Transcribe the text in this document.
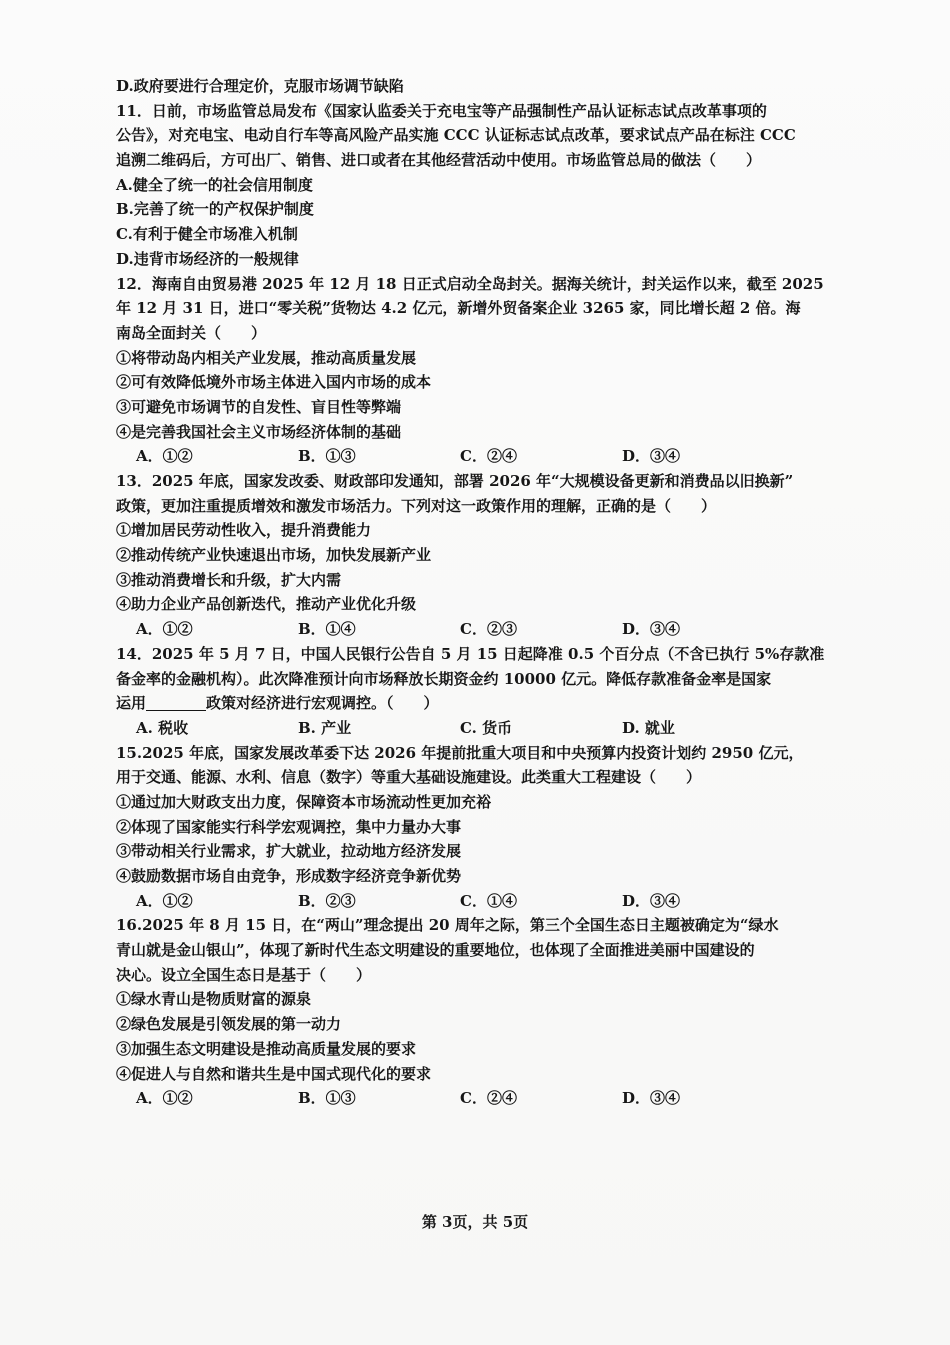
D.政府要进行合理定价，克服市场调节缺陷
11．日前，市场监管总局发布《国家认监委关于充电宝等产品强制性产品认证标志试点改革事项的
公告》，对充电宝、电动自行车等高风险产品实施 CCC 认证标志试点改革，要求试点产品在标注 CCC
追溯二维码后，方可出厂、销售、进口或者在其他经营活动中使用。市场监管总局的做法（　　）
A.健全了统一的社会信用制度
B.完善了统一的产权保护制度
C.有利于健全市场准入机制
D.违背市场经济的一般规律
12．海南自由贸易港 2025 年 12 月 18 日正式启动全岛封关。据海关统计，封关运作以来，截至 2025
年 12 月 31 日，进口“零关税”货物达 4.2 亿元，新增外贸备案企业 3265 家，同比增长超 2 倍。海
南岛全面封关（　　）
①将带动岛内相关产业发展，推动高质量发展
②可有效降低境外市场主体进入国内市场的成本
③可避免市场调节的自发性、盲目性等弊端
④是完善我国社会主义市场经济体制的基础
A．①②	B．①③	C．②④	D．③④
13．2025 年底，国家发改委、财政部印发通知，部署 2026 年“大规模设备更新和消费品以旧换新”
政策，更加注重提质增效和激发市场活力。下列对这一政策作用的理解，正确的是（　　）
①增加居民劳动性收入，提升消费能力
②推动传统产业快速退出市场，加快发展新产业
③推动消费增长和升级，扩大内需
④助力企业产品创新迭代，推动产业优化升级
A．①②	B．①④	C．②③	D．③④
14．2025 年 5 月 7 日，中国人民银行公告自 5 月 15 日起降准 0.5 个百分点（不含已执行 5%存款准
备金率的金融机构）。此次降准预计向市场释放长期资金约 10000 亿元。降低存款准备金率是国家
运用	政策对经济进行宏观调控。（　　）
A. 税收	B. 产业	C. 货币	D. 就业
15.2025 年底，国家发展改革委下达 2026 年提前批重大项目和中央预算内投资计划约 2950 亿元，
用于交通、能源、水利、信息（数字）等重大基础设施建设。此类重大工程建设（　　）
①通过加大财政支出力度，保障资本市场流动性更加充裕
②体现了国家能实行科学宏观调控，集中力量办大事
③带动相关行业需求，扩大就业，拉动地方经济发展
④鼓励数据市场自由竞争，形成数字经济竞争新优势
A．①②	B．②③	C．①④	D．③④
16.2025 年 8 月 15 日，在“两山”理念提出 20 周年之际，第三个全国生态日主题被确定为“绿水
青山就是金山银山”，体现了新时代生态文明建设的重要地位，也体现了全面推进美丽中国建设的
决心。设立全国生态日是基于（　　）
①绿水青山是物质财富的源泉
②绿色发展是引领发展的第一动力
③加强生态文明建设是推动高质量发展的要求
④促进人与自然和谐共生是中国式现代化的要求
A．①②	B．①③	C．②④	D．③④
第 3页，共 5页
